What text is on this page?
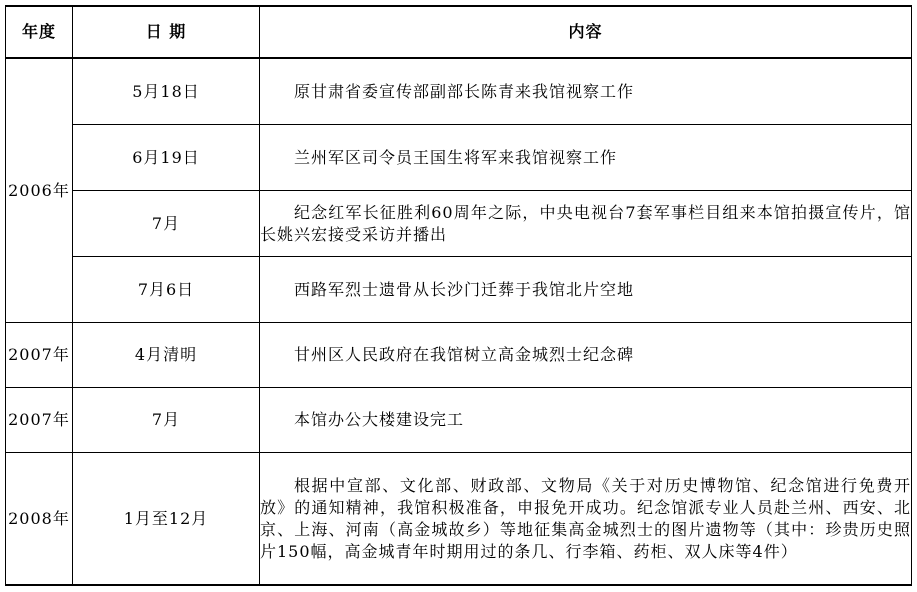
年度	日 期	内容
2006年	5月18日	原甘肃省委宣传部副部长陈青来我馆视察工作
	6月19日	兰州军区司令员王国生将军来我馆视察工作
	7月	纪念红军长征胜利60周年之际，中央电视台7套军事栏目组来本馆拍摄宣传片，馆长姚兴宏接受采访并播出
	7月6日	西路军烈士遗骨从长沙门迁葬于我馆北片空地
2007年	4月清明	甘州区人民政府在我馆树立高金城烈士纪念碑
2007年	7月	本馆办公大楼建设完工
2008年	1月至12月	根据中宣部、文化部、财政部、文物局《关于对历史博物馆、纪念馆进行免费开放》的通知精神，我馆积极准备，申报免开成功。纪念馆派专业人员赴兰州、西安、北京、上海、河南（高金城故乡）等地征集高金城烈士的图片遗物等（其中：珍贵历史照片150幅，高金城青年时期用过的条几、行李箱、药柜、双人床等4件）
